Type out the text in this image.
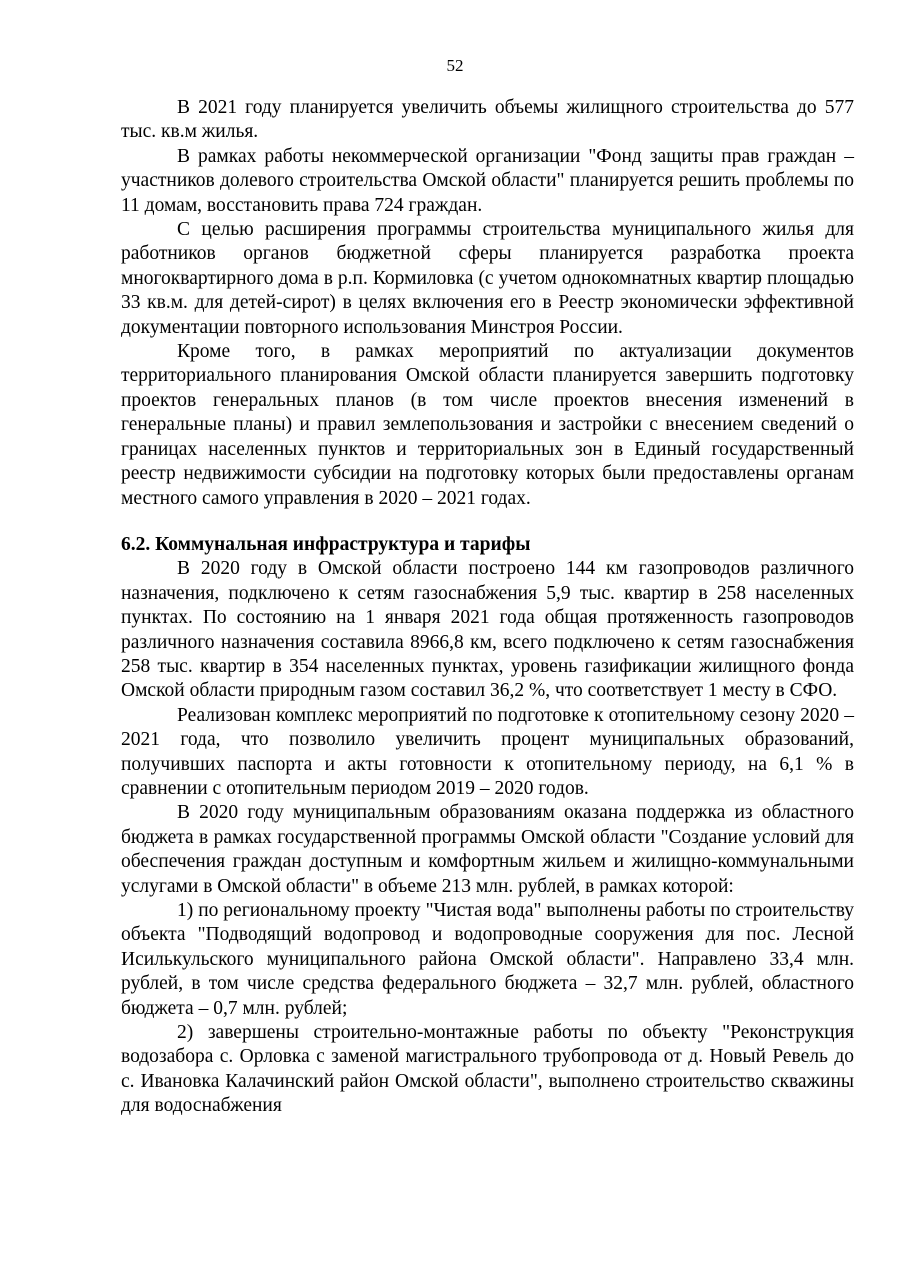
52

В 2021 году планируется увеличить объемы жилищного строительства до 577 тыс. кв.м жилья.

В рамках работы некоммерческой организации "Фонд защиты прав граждан – участников долевого строительства Омской области" планируется решить проблемы по 11 домам, восстановить права 724 граждан.

С целью расширения программы строительства муниципального жилья для работников органов бюджетной сферы планируется разработка проекта многоквартирного дома в р.п. Кормиловка (с учетом однокомнатных квартир площадью 33 кв.м. для детей-сирот) в целях включения его в Реестр экономически эффективной документации повторного использования Минстроя России.

Кроме того, в рамках мероприятий по актуализации документов территориального планирования Омской области планируется завершить подготовку проектов генеральных планов (в том числе проектов внесения изменений в генеральные планы) и правил землепользования и застройки с внесением сведений о границах населенных пунктов и территориальных зон в Единый государственный реестр недвижимости субсидии на подготовку которых были предоставлены органам местного самого управления в 2020 – 2021 годах.

6.2. Коммунальная инфраструктура и тарифы

В 2020 году в Омской области построено 144 км газопроводов различного назначения, подключено к сетям газоснабжения 5,9 тыс. квартир в 258 населенных пунктах. По состоянию на 1 января 2021 года общая протяженность газопроводов различного назначения составила 8966,8 км, всего подключено к сетям газоснабжения 258 тыс. квартир в 354 населенных пунктах, уровень газификации жилищного фонда Омской области природным газом составил 36,2 %, что соответствует 1 месту в СФО.

Реализован комплекс мероприятий по подготовке к отопительному сезону 2020 – 2021 года, что позволило увеличить процент муниципальных образований, получивших паспорта и акты готовности к отопительному периоду, на 6,1 % в сравнении с отопительным периодом 2019 – 2020 годов.

В 2020 году муниципальным образованиям оказана поддержка из областного бюджета в рамках государственной программы Омской области "Создание условий для обеспечения граждан доступным и комфортным жильем и жилищно-коммунальными услугами в Омской области" в объеме 213 млн. рублей, в рамках которой:

1) по региональному проекту "Чистая вода" выполнены работы по строительству объекта "Подводящий водопровод и водопроводные сооружения для пос. Лесной Исилькульского муниципального района Омской области". Направлено 33,4 млн. рублей, в том числе средства федерального бюджета – 32,7 млн. рублей, областного бюджета – 0,7 млн. рублей;

2) завершены строительно-монтажные работы по объекту "Реконструкция водозабора с. Орловка с заменой магистрального трубопровода от д. Новый Ревель до с. Ивановка Калачинский район Омской области", выполнено строительство скважины для водоснабжения
